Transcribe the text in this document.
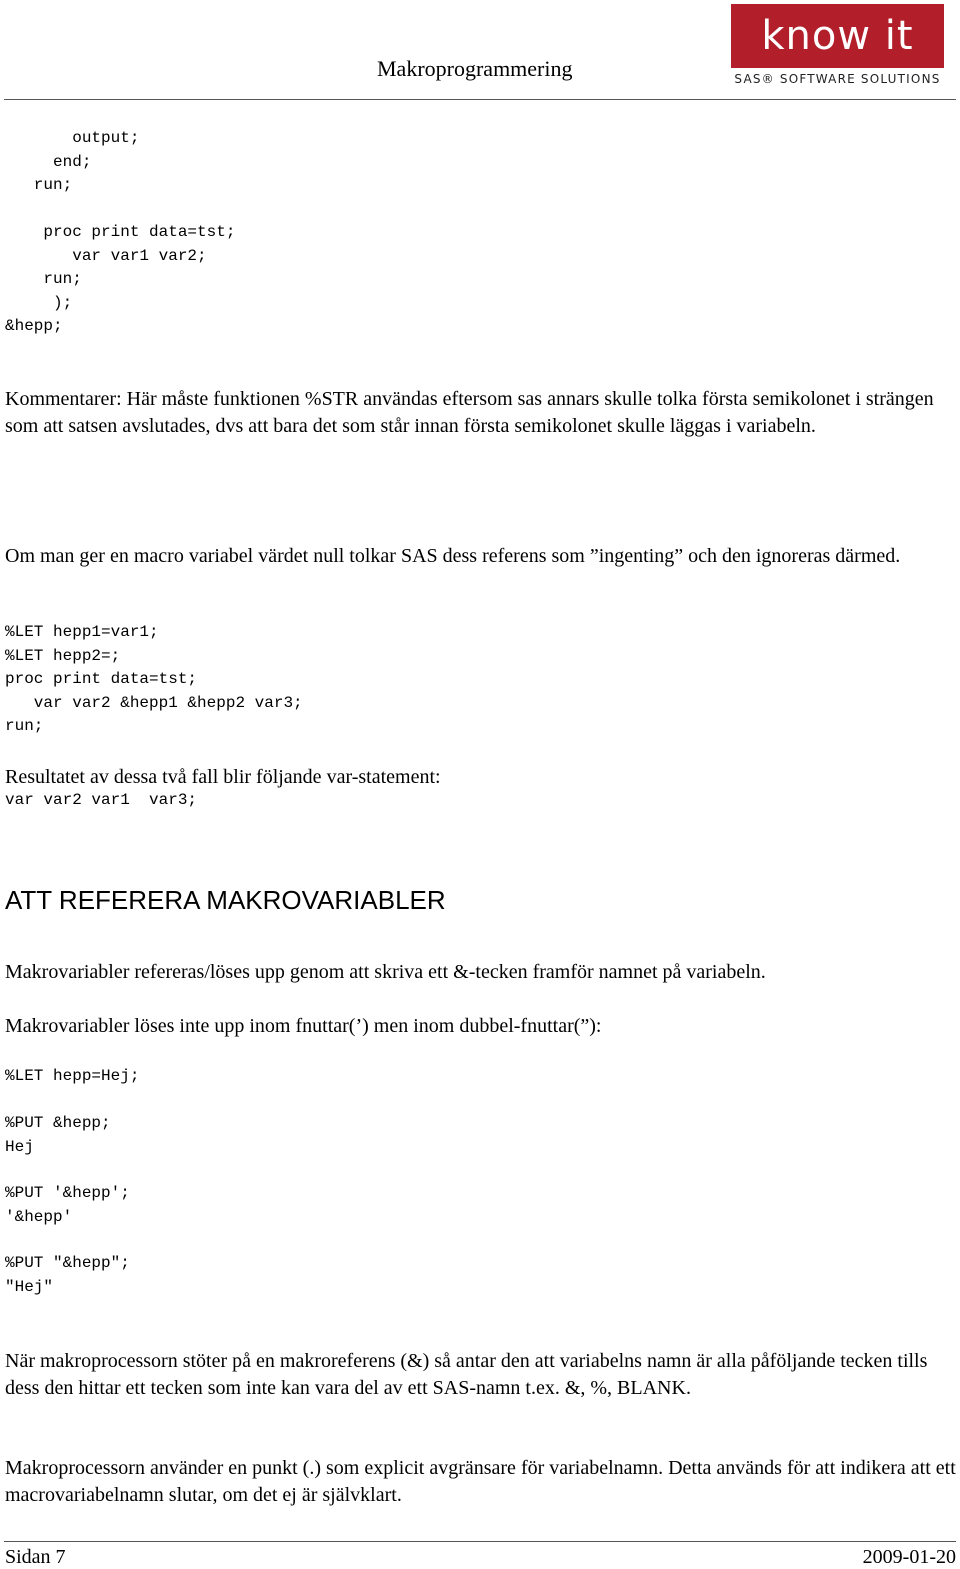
Makroprogrammering
know it
SAS® SOFTWARE SOLUTIONS
output;
end;
run;

proc print data=tst;
var var1 var2;
run;
);
&hepp;
Kommentarer: Här måste funktionen %STR användas eftersom sas annars skulle tolka första semikolonet i strängen som att satsen avslutades, dvs att bara det som står innan första semikolonet skulle läggas i variabeln.
Om man ger en macro variabel värdet null tolkar SAS dess referens som ”ingenting” och den ignoreras därmed.
%LET hepp1=var1;
%LET hepp2=;
proc print data=tst;
var var2 &hepp1 &hepp2 var3;
run;
Resultatet av dessa två fall blir följande var-statement:
var var2 var1  var3;
ATT REFERERA MAKROVARIABLER
Makrovariabler refereras/löses upp genom att skriva ett &-tecken framför namnet på variabeln.
Makrovariabler löses inte upp inom fnuttar(’) men inom dubbel-fnuttar(”):
%LET hepp=Hej;
%PUT &hepp;
Hej
%PUT '&hepp';
'&hepp'
%PUT "&hepp";
"Hej"
När makroprocessorn stöter på en makroreferens (&) så antar den att variabelns namn är alla påföljande tecken tills dess den hittar ett tecken som inte kan vara del av ett SAS-namn t.ex. &, %, BLANK.
Makroprocessorn använder en punkt (.) som explicit avgränsare för variabelnamn. Detta används för att indikera att ett macrovariabelnamn slutar, om det ej är självklart.
Sidan 7	2009-01-20
